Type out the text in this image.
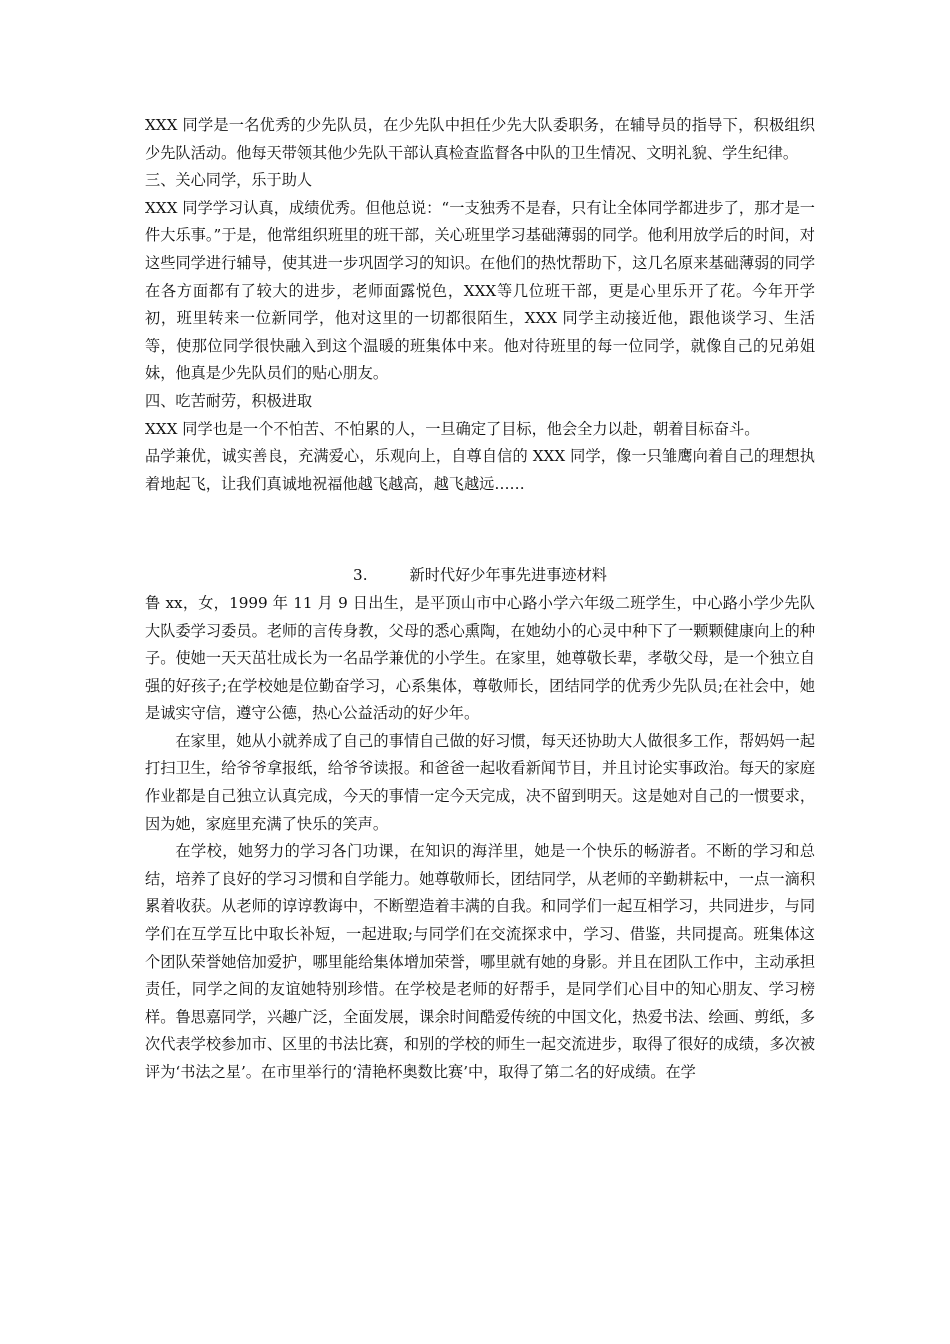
XXX 同学是一名优秀的少先队员，在少先队中担任少先大队委职务，在辅导员的指导下，积极组织少先队活动。他每天带领其他少先队干部认真检查监督各中队的卫生情况、文明礼貌、学生纪律。

三、关心同学，乐于助人

XXX 同学学习认真，成绩优秀。但他总说：“一支独秀不是春，只有让全体同学都进步了，那才是一件大乐事。”于是，他常组织班里的班干部，关心班里学习基础薄弱的同学。他利用放学后的时间，对这些同学进行辅导，使其进一步巩固学习的知识。在他们的热忱帮助下，这几名原来基础薄弱的同学在各方面都有了较大的进步，老师面露悦色，XXX等几位班干部，更是心里乐开了花。今年开学初，班里转来一位新同学，他对这里的一切都很陌生，XXX 同学主动接近他，跟他谈学习、生活等，使那位同学很快融入到这个温暖的班集体中来。他对待班里的每一位同学，就像自己的兄弟姐妹，他真是少先队员们的贴心朋友。

四、吃苦耐劳，积极进取

XXX 同学也是一个不怕苦、不怕累的人，一旦确定了目标，他会全力以赴，朝着目标奋斗。

品学兼优，诚实善良，充满爱心，乐观向上，自尊自信的 XXX 同学，像一只雏鹰向着自己的理想执着地起飞，让我们真诚地祝福他越飞越高，越飞越远……

3.	新时代好少年事先进事迹材料

鲁 xx，女，1999 年 11 月 9 日出生，是平顶山市中心路小学六年级二班学生，中心路小学少先队大队委学习委员。老师的言传身教，父母的悉心熏陶，在她幼小的心灵中种下了一颗颗健康向上的种子。使她一天天茁壮成长为一名品学兼优的小学生。在家里，她尊敬长辈，孝敬父母，是一个独立自强的好孩子;在学校她是位勤奋学习，心系集体，尊敬师长，团结同学的优秀少先队员;在社会中，她是诚实守信，遵守公德，热心公益活动的好少年。

在家里，她从小就养成了自己的事情自己做的好习惯，每天还协助大人做很多工作，帮妈妈一起打扫卫生，给爷爷拿报纸，给爷爷读报。和爸爸一起收看新闻节目，并且讨论实事政治。每天的家庭作业都是自己独立认真完成，今天的事情一定今天完成，决不留到明天。这是她对自己的一惯要求，因为她，家庭里充满了快乐的笑声。

在学校，她努力的学习各门功课，在知识的海洋里，她是一个快乐的畅游者。不断的学习和总结，培养了良好的学习习惯和自学能力。她尊敬师长，团结同学，从老师的辛勤耕耘中，一点一滴积累着收获。从老师的谆谆教诲中，不断塑造着丰满的自我。和同学们一起互相学习，共同进步，与同学们在互学互比中取长补短，一起进取;与同学们在交流探求中，学习、借鉴，共同提高。班集体这个团队荣誉她倍加爱护，哪里能给集体增加荣誉，哪里就有她的身影。并且在团队工作中，主动承担责任，同学之间的友谊她特别珍惜。在学校是老师的好帮手，是同学们心目中的知心朋友、学习榜样。鲁思嘉同学，兴趣广泛，全面发展，课余时间酷爱传统的中国文化，热爱书法、绘画、剪纸，多次代表学校参加市、区里的书法比赛，和别的学校的师生一起交流进步，取得了很好的成绩，多次被评为‘书法之星’。在市里举行的‘清艳杯奥数比赛’中，取得了第二名的好成绩。在学
